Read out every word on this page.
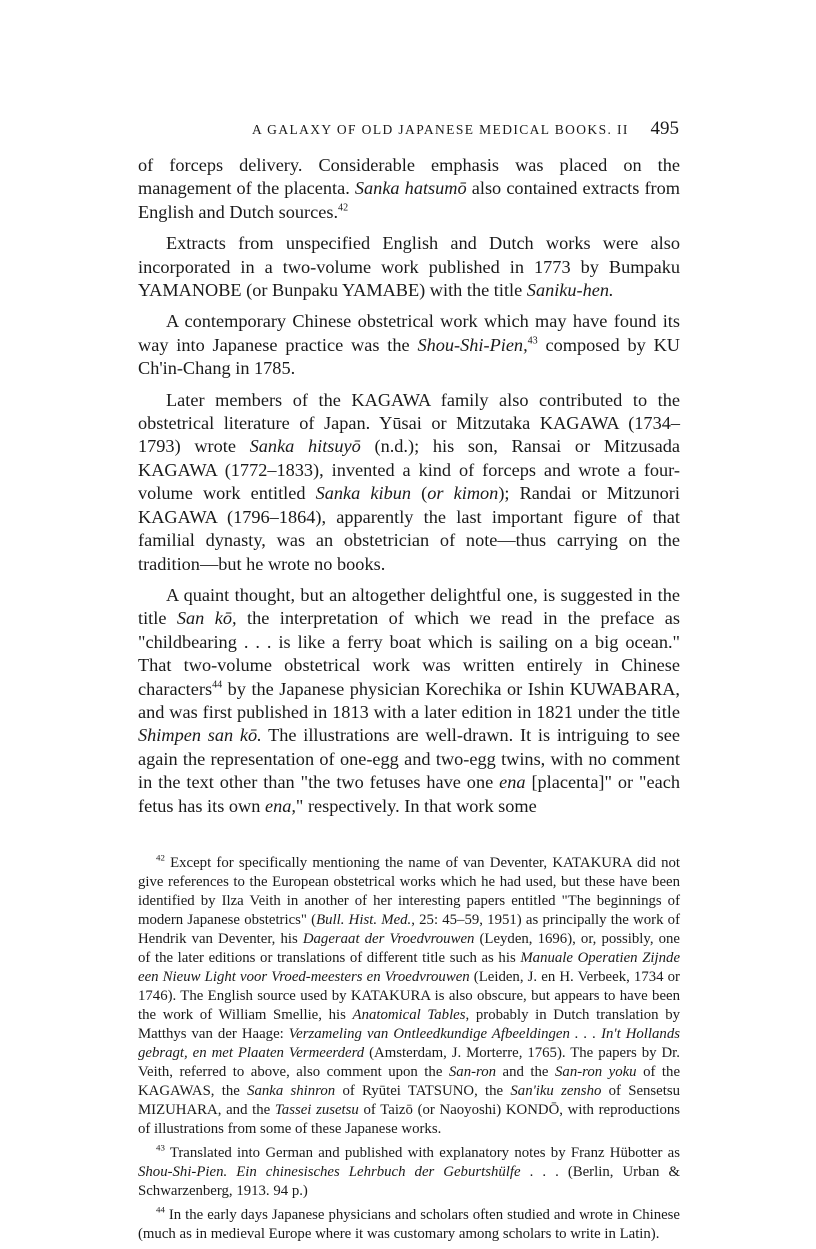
A GALAXY OF OLD JAPANESE MEDICAL BOOKS. II 495

of forceps delivery. Considerable emphasis was placed on the management of the placenta. Sanka hatsumō also contained extracts from English and Dutch sources.$^{42}$

Extracts from unspecified English and Dutch works were also incorporated in a two-volume work published in 1773 by Bumpaku YAMANOBE (or Bunpaku YAMABE) with the title Saniku-hen.

A contemporary Chinese obstetrical work which may have found its way into Japanese practice was the Shou-Shi-Pien,$^{43}$ composed by KU Ch'in-Chang in 1785.

Later members of the KAGAWA family also contributed to the obstetrical literature of Japan. Yūsai or Mitzutaka KAGAWA (1734–1793) wrote Sanka hitsuyō (n.d.); his son, Ransai or Mitzusada KAGAWA (1772–1833), invented a kind of forceps and wrote a four-volume work entitled Sanka kibun (or kimon); Randai or Mitzunori KAGAWA (1796–1864), apparently the last important figure of that familial dynasty, was an obstetrician of note—thus carrying on the tradition—but he wrote no books.

A quaint thought, but an altogether delightful one, is suggested in the title San kō, the interpretation of which we read in the preface as "childbearing . . . is like a ferry boat which is sailing on a big ocean." That two-volume obstetrical work was written entirely in Chinese characters$^{44}$ by the Japanese physician Korechika or Ishin KUWABARA, and was first published in 1813 with a later edition in 1821 under the title Shimpen san kō. The illustrations are well-drawn. It is intriguing to see again the representation of one-egg and two-egg twins, with no comment in the text other than "the two fetuses have one ena [placenta]" or "each fetus has its own ena," respectively. In that work some

$^{42}$ Except for specifically mentioning the name of van Deventer, KATAKURA did not give references to the European obstetrical works which he had used, but these have been identified by Ilza Veith in another of her interesting papers entitled "The beginnings of modern Japanese obstetrics" (Bull. Hist. Med., 25: 45–59, 1951) as principally the work of Hendrik van Deventer, his Dageraat der Vroedvrouwen (Leyden, 1696), or, possibly, one of the later editions or translations of different title such as his Manuale Operatien Zijnde een Nieuw Light voor Vroed-meesters en Vroedvrouwen (Leiden, J. en H. Verbeek, 1734 or 1746). The English source used by KATAKURA is also obscure, but appears to have been the work of William Smellie, his Anatomical Tables, probably in Dutch translation by Matthys van der Haage: Verzameling van Ontleedkundige Afbeeldingen . . . In't Hollands gebragt, en met Plaaten Vermeerderd (Amsterdam, J. Morterre, 1765). The papers by Dr. Veith, referred to above, also comment upon the San-ron and the San-ron yoku of the KAGAWAS, the Sanka shinron of Ryūtei TATSUNO, the San'iku zensho of Sensetsu MIZUHARA, and the Tassei zusetsu of Taizō (or Naoyoshi) KONDŌ, with reproductions of illustrations from some of these Japanese works.

$^{43}$ Translated into German and published with explanatory notes by Franz Hübotter as Shou-Shi-Pien. Ein chinesisches Lehrbuch der Geburtshülfe . . . (Berlin, Urban & Schwarzenberg, 1913. 94 p.)

$^{44}$ In the early days Japanese physicians and scholars often studied and wrote in Chinese (much as in medieval Europe where it was customary among scholars to write in Latin).
